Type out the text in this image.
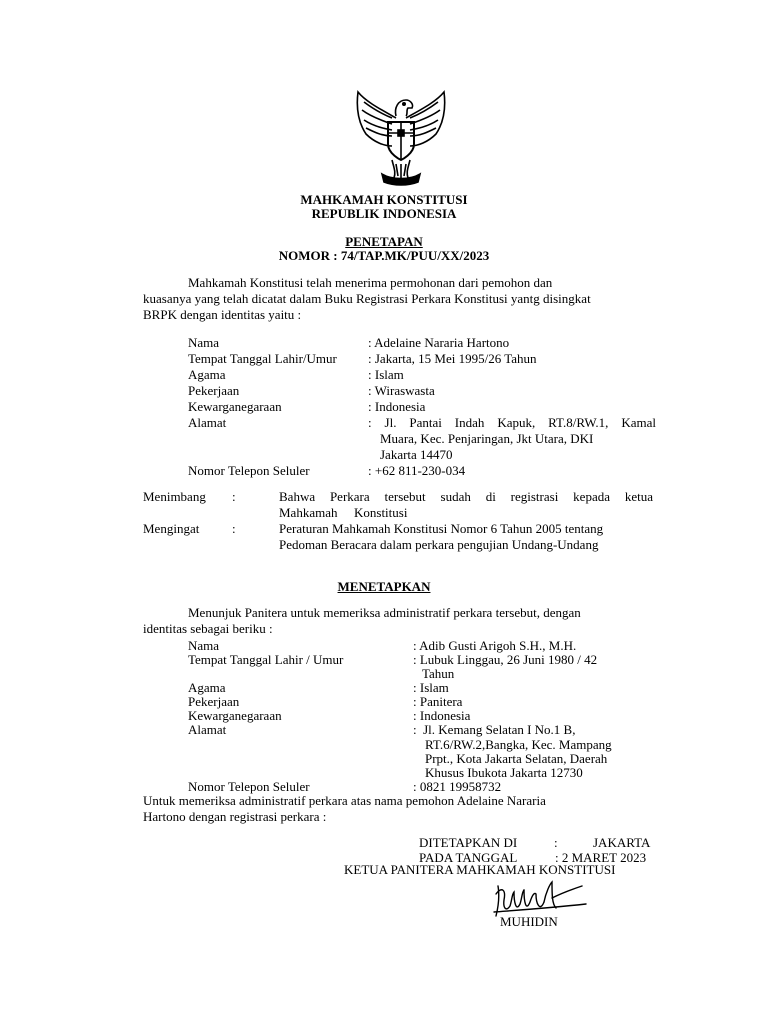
MAHKAMAH KONSTITUSI
REPUBLIK INDONESIA
PENETAPAN
NOMOR : 74/TAP.MK/PUU/XX/2023
Mahkamah Konstitusi telah menerima permohonan dari pemohon dan
kuasanya yang telah dicatat dalam Buku Registrasi Perkara Konstitusi yantg disingkat
BRPK dengan identitas yaitu :
Nama	: Adelaine Nararia Hartono
Tempat Tanggal Lahir/Umur : Jakarta, 15 Mei 1995/26 Tahun
Agama	: Islam
Pekerjaan	: Wiraswasta
Kewarganegaraan	: Indonesia
Alamat	: Jl. Pantai Indah Kapuk, RT.8/RW.1, Kamal
Muara, Kec. Penjaringan, Jkt Utara, DKI
Jakarta 14470
Nomor Telepon Seluler	: +62 811-230-034
Menimbang :	Bahwa Perkara tersebut sudah di registrasi kepada ketua
Mahkamah Konstitusi
Mengingat	:	Peraturan Mahkamah Konstitusi Nomor 6 Tahun 2005 tentang
Pedoman Beracara dalam perkara pengujian Undang-Undang
MENETAPKAN
Menunjuk Panitera untuk memeriksa administratif perkara tersebut, dengan
identitas sebagai beriku :
Nama	: Adib Gusti Arigoh S.H., M.H.
Tempat Tanggal Lahir / Umur	: Lubuk Linggau, 26 Juni 1980 / 42
Tahun
Agama	: Islam
Pekerjaan	: Panitera
Kewarganegaraan	: Indonesia
Alamat	:  Jl. Kemang Selatan I No.1 B,
RT.6/RW.2,Bangka, Kec. Mampang
Prpt., Kota Jakarta Selatan, Daerah
Khusus Ibukota Jakarta 12730
Nomor Telepon Seluler	: 0821 19958732
Untuk memeriksa administratif perkara atas nama pemohon Adelaine Nararia
Hartono dengan registrasi perkara :
DITETAPKAN DI	:	JAKARTA
PADA TANGGAL	: 2 MARET 2023
KETUA PANITERA MAHKAMAH KONSTITUSI
MUHIDIN
